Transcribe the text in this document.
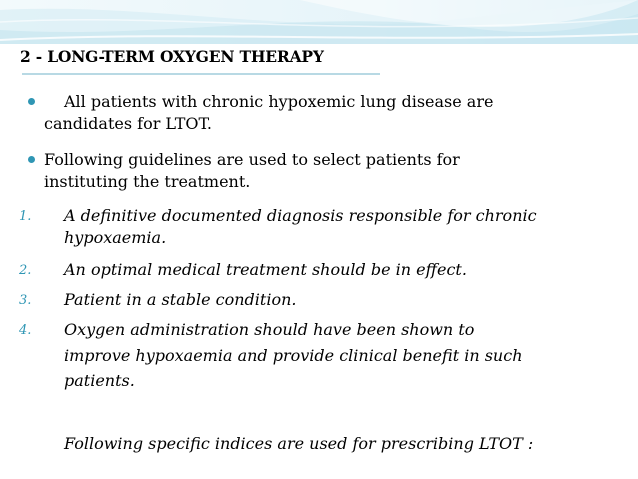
2 - LONG-TERM OXYGEN THERAPY
All patients with chronic hypoxemic lung disease are
candidates for LTOT.
Following guidelines are used to select patients for
instituting the treatment.
1. A definitive documented diagnosis responsible for chronic
hypoxaemia.
2. An optimal medical treatment should be in effect.
3. Patient in a stable condition.
4. Oxygen administration should have been shown to
improve hypoxaemia and provide clinical benefit in such
patients.
Following specific indices are used for prescribing LTOT :
